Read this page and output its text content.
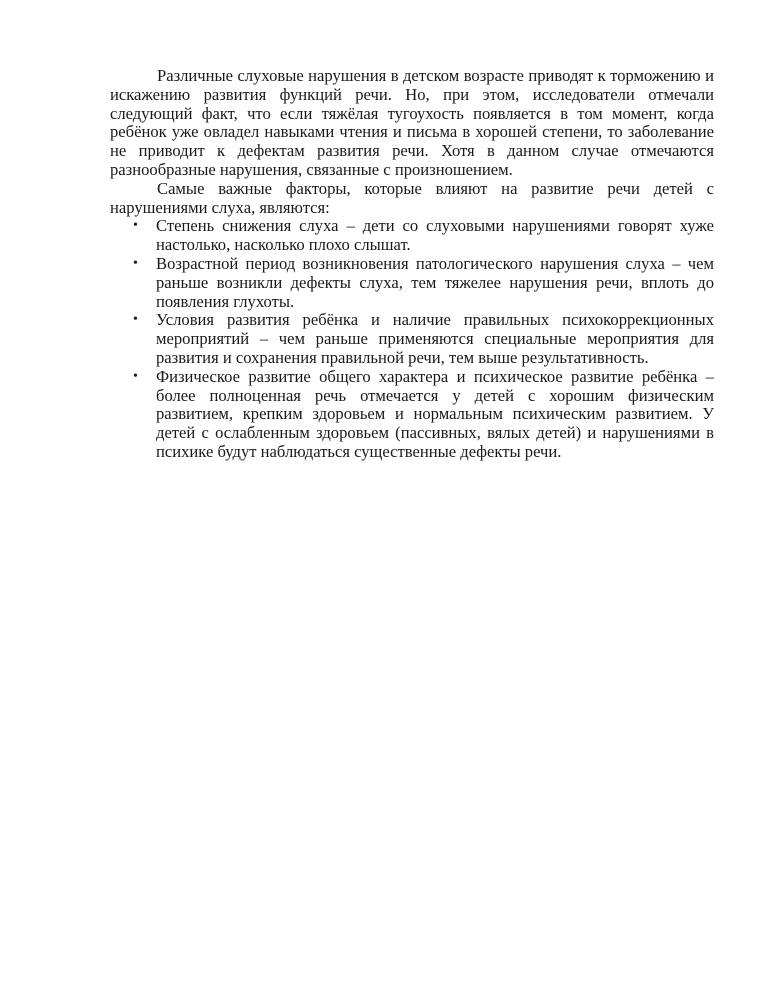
Различные слуховые нарушения в детском возрасте приводят к торможению и искажению развития функций речи. Но, при этом, исследователи отмечали следующий факт, что если тяжёлая тугоухость появляется в том момент, когда ребёнок уже овладел навыками чтения и письма в хорошей степени, то заболевание не приводит к дефектам развития речи. Хотя в данном случае отмечаются разнообразные нарушения, связанные с произношением.

Самые важные факторы, которые влияют на развитие речи детей с нарушениями слуха, являются:

• Степень снижения слуха – дети со слуховыми нарушениями говорят хуже настолько, насколько плохо слышат.
• Возрастной период возникновения патологического нарушения слуха – чем раньше возникли дефекты слуха, тем тяжелее нарушения речи, вплоть до появления глухоты.
• Условия развития ребёнка и наличие правильных психокоррекционных мероприятий – чем раньше применяются специальные мероприятия для развития и сохранения правильной речи, тем выше результативность.
• Физическое развитие общего характера и психическое развитие ребёнка – более полноценная речь отмечается у детей с хорошим физическим развитием, крепким здоровьем и нормальным психическим развитием. У детей с ослабленным здоровьем (пассивных, вялых детей) и нарушениями в психике будут наблюдаться существенные дефекты речи.
